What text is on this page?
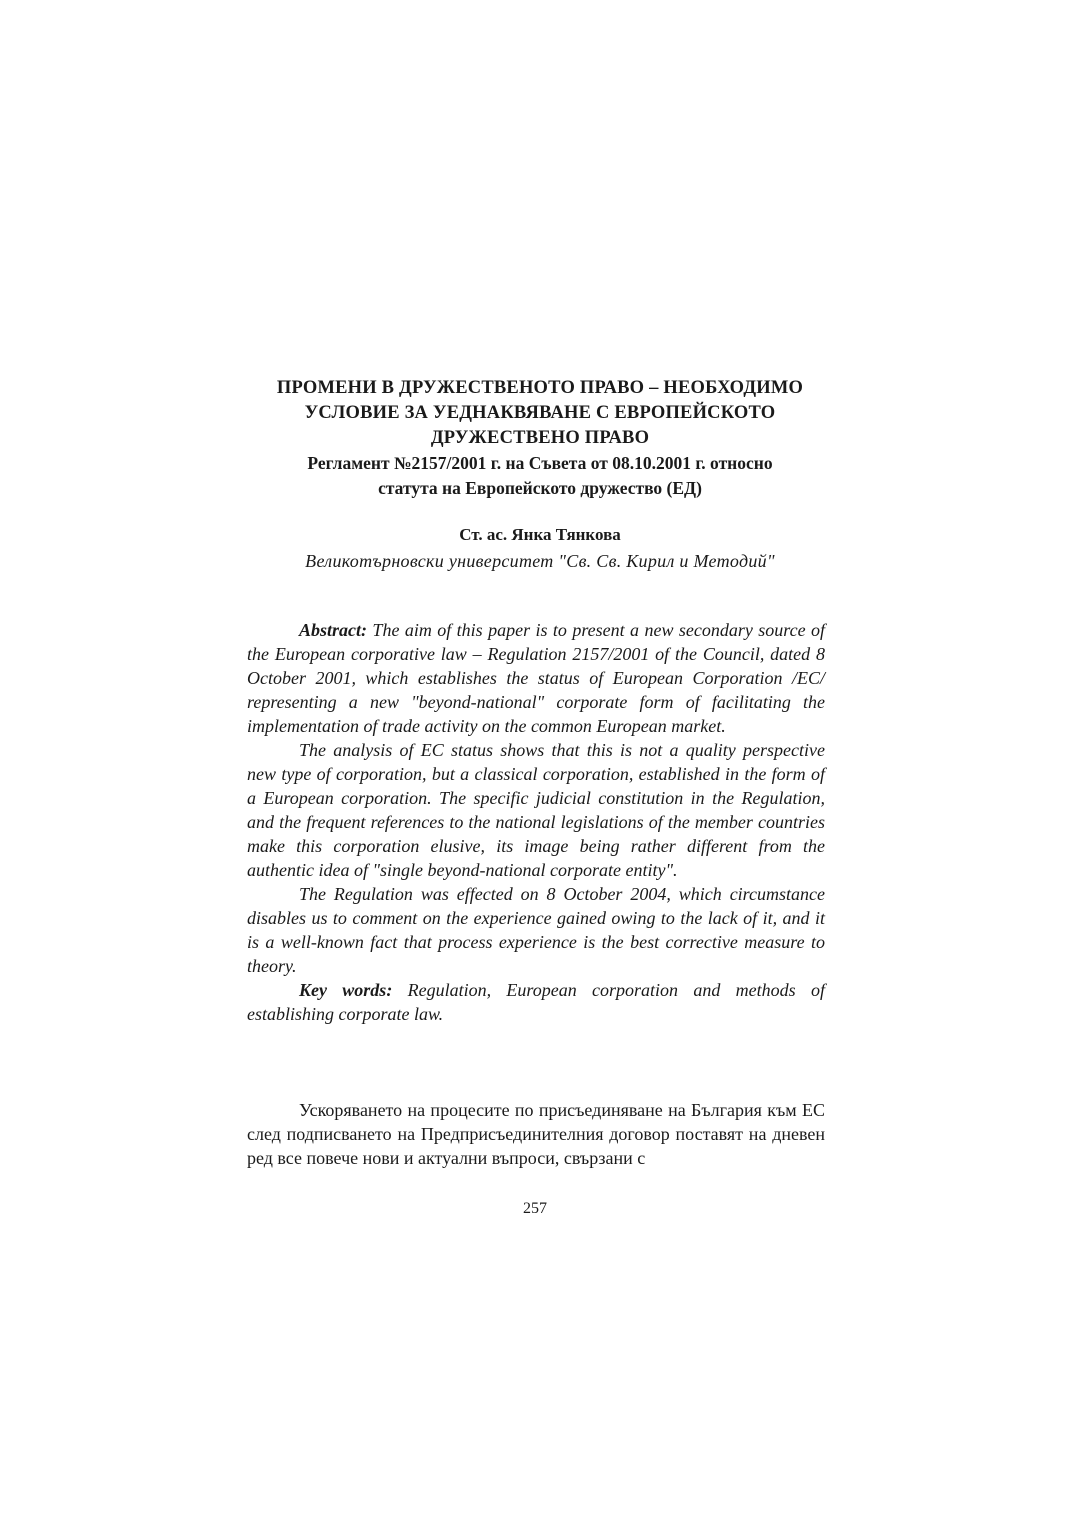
ПРОМЕНИ В ДРУЖЕСТВЕНОТО ПРАВО – НЕОБХОДИМО
УСЛОВИЕ ЗА УЕДНАКВЯВАНЕ С ЕВРОПЕЙСКОТО
ДРУЖЕСТВЕНО ПРАВО
Регламент №2157/2001 г. на Съвета от 08.10.2001 г. относно
статута на Европейското дружество (ЕД)
Ст. ас. Янка Тянкова
Великотърновски университет "Св. Св. Кирил и Методий"

Abstract: The aim of this paper is to present a new secondary source of the European corporative law – Regulation 2157/2001 of the Council, dated 8 October 2001, which establishes the status of European Corporation /EC/ representing a new "beyond-national" corporate form of facilitating the implementation of trade activity on the common European market.

The analysis of EC status shows that this is not a quality perspective new type of corporation, but a classical corporation, established in the form of a European corporation. The specific judicial constitution in the Regulation, and the frequent references to the national legislations of the member countries make this corporation elusive, its image being rather different from the authentic idea of "single beyond-national corporate entity".

The Regulation was effected on 8 October 2004, which circumstance disables us to comment on the experience gained owing to the lack of it, and it is a well-known fact that process experience is the best corrective measure to theory.

Key words: Regulation, European corporation and methods of establishing corporate law.

Ускоряването на процесите по присъединяване на България към ЕС след подписването на Предприсъединителния договор поставят на дневен ред все повече нови и актуални въпроси, свързани с

257
